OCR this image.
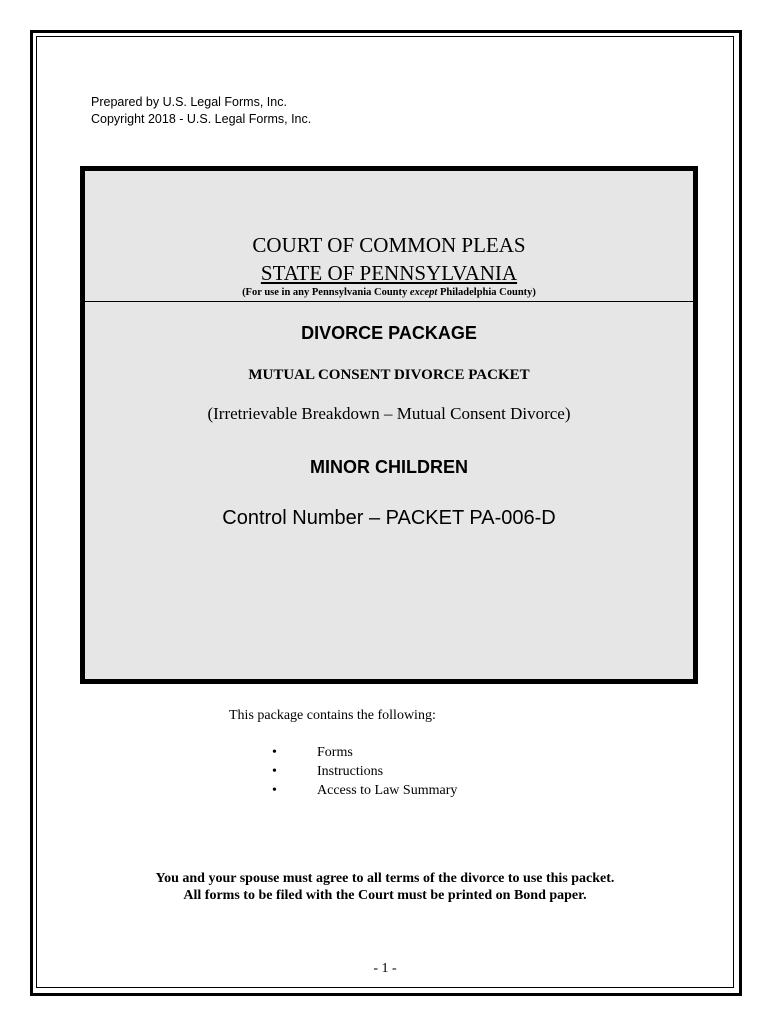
Prepared by U.S. Legal Forms, Inc.
Copyright 2018 - U.S. Legal Forms, Inc.
COURT OF COMMON PLEAS
STATE OF PENNSYLVANIA
(For use in any Pennsylvania County except Philadelphia County)
DIVORCE PACKAGE
MUTUAL CONSENT DIVORCE PACKET
(Irretrievable Breakdown – Mutual Consent Divorce)
MINOR CHILDREN
Control Number – PACKET PA-006-D
This package contains the following:
•	Forms
•	Instructions
•	Access to Law Summary
You and your spouse must agree to all terms of the divorce to use this packet.
All forms to be filed with the Court must be printed on Bond paper.
- 1 -
